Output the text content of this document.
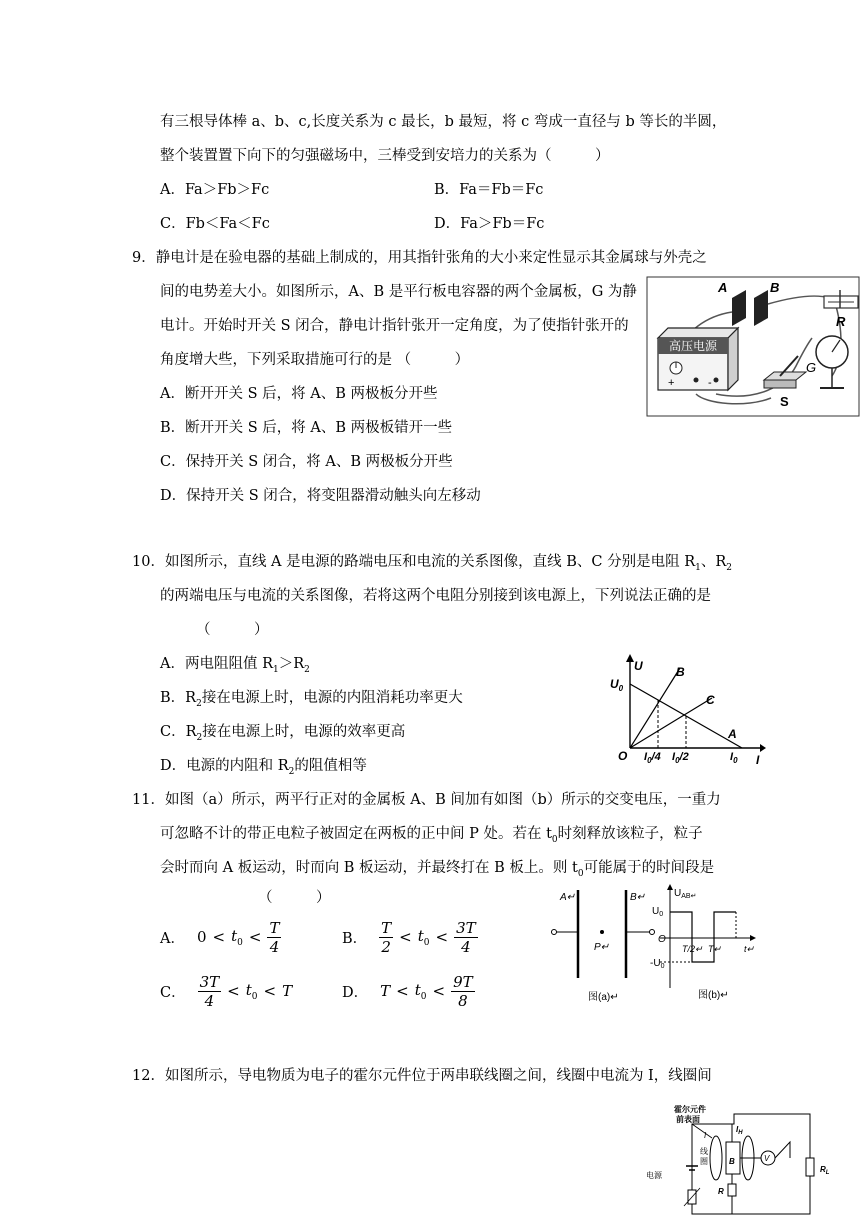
有三根导体棒 a、b、c,长度关系为 c 最长，b 最短，将 c 弯成一直径与 b 等长的半圆，
整个装置置下向下的匀强磁场中，三棒受到安培力的关系为（　　　）
A．Fa＞Fb＞Fc	B．Fa＝Fb＝Fc
C．Fb＜Fa＜Fc	D．Fa＞Fb＝Fc
9．静电计是在验电器的基础上制成的，用其指针张角的大小来定性显示其金属球与外壳之
间的电势差大小。如图所示，A、B 是平行板电容器的两个金属板，G 为静
电计。开始时开关 S 闭合，静电计指针张开一定角度，为了使指针张开的
角度增大些，下列采取措施可行的是 （　　　）
A．断开开关 S 后，将 A、B 两极板分开些
B．断开开关 S 后，将 A、B 两极板错开一些
C．保持开关 S 闭合，将 A、B 两极板分开些
D．保持开关 S 闭合，将变阻器滑动触头向左移动
A	B
R
高压电源
+	-
S
G
10．如图所示，直线 A 是电源的路端电压和电流的关系图像，直线 B、C 分别是电阻 $R_1$、$R_2$
的两端电压与电流的关系图像，若将这两个电阻分别接到该电源上，下列说法正确的是
（　　　）
A．两电阻阻值 $R_1>R_2$
B．$R_2$接在电源上时，电源的内阻消耗功率更大
C．$R_2$接在电源上时，电源的效率更高
D．电源的内阻和 $R_2$的阻值相等
U
$U_0$
O	I
A
B
C
$I_0/4$ $I_0/2$	$I_0$
11．如图（a）所示，两平行正对的金属板 A、B 间加有如图（b）所示的交变电压，一重力
可忽略不计的带正电粒子被固定在两板的正中间 P 处。若在 $t_0$时刻释放该粒子，粒子
会时而向 A 板运动，时而向 B 板运动，并最终打在 B 板上。则 $t_0$可能属于的时间段是
（　　　）
A． $0 < t_0 < \frac{T}{4}$	B． $\frac{T}{2} < t_0 < \frac{3T}{4}$
C． $\frac{3T}{4} < t_0 < T$	D． $T < t_0 < \frac{9T}{8}$
A↵	B↵
P↵
图(a)↵
$U_{AB↵}$
$U_0$
O
$-U_0$
T/2↵ T↵	t↵
图(b)↵
12．如图所示，导电物质为电子的霍尔元件位于两串联线圈之间，线圈中电流为 I，线圈间
霍尔元件
前表面
电源
线
圈	B
I
$I_H$
R
V
$R_L$
